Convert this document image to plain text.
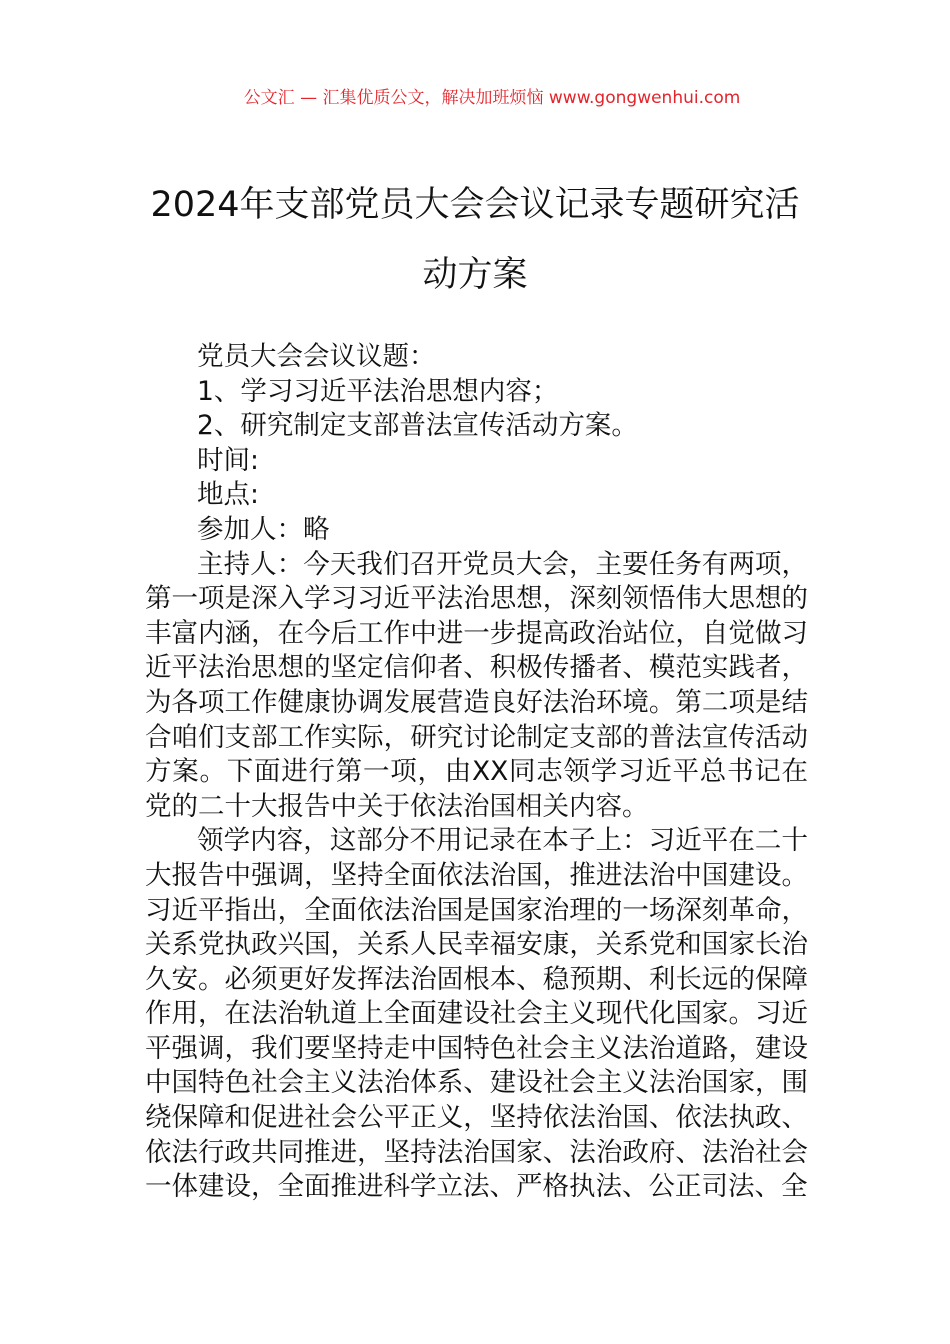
公文汇 — 汇集优质公文，解决加班烦恼 www.gongwenhui.com
2024年支部党员大会会议记录专题研究活
动方案

党员大会会议议题：

1、学习习近平法治思想内容；

2、研究制定支部普法宣传活动方案。

时间:

地点:

参加人：略

主持人：今天我们召开党员大会，主要任务有两项，第一项是深入学习习近平法治思想，深刻领悟伟大思想的丰富内涵，在今后工作中进一步提高政治站位，自觉做习近平法治思想的坚定信仰者、积极传播者、模范实践者，为各项工作健康协调发展营造良好法治环境。第二项是结合咱们支部工作实际，研究讨论制定支部的普法宣传活动方案。下面进行第一项，由XX同志领学习近平总书记在党的二十大报告中关于依法治国相关内容。

领学内容，这部分不用记录在本子上：习近平在二十大报告中强调，坚持全面依法治国，推进法治中国建设。习近平指出，全面依法治国是国家治理的一场深刻革命，关系党执政兴国，关系人民幸福安康，关系党和国家长治久安。必须更好发挥法治固根本、稳预期、利长远的保障作用，在法治轨道上全面建设社会主义现代化国家。习近平强调，我们要坚持走中国特色社会主义法治道路，建设中国特色社会主义法治体系、建设社会主义法治国家，围绕保障和促进社会公平正义，坚持依法治国、依法执政、依法行政共同推进，坚持法治国家、法治政府、法治社会一体建设，全面推进科学立法、严格执法、公正司法、全
